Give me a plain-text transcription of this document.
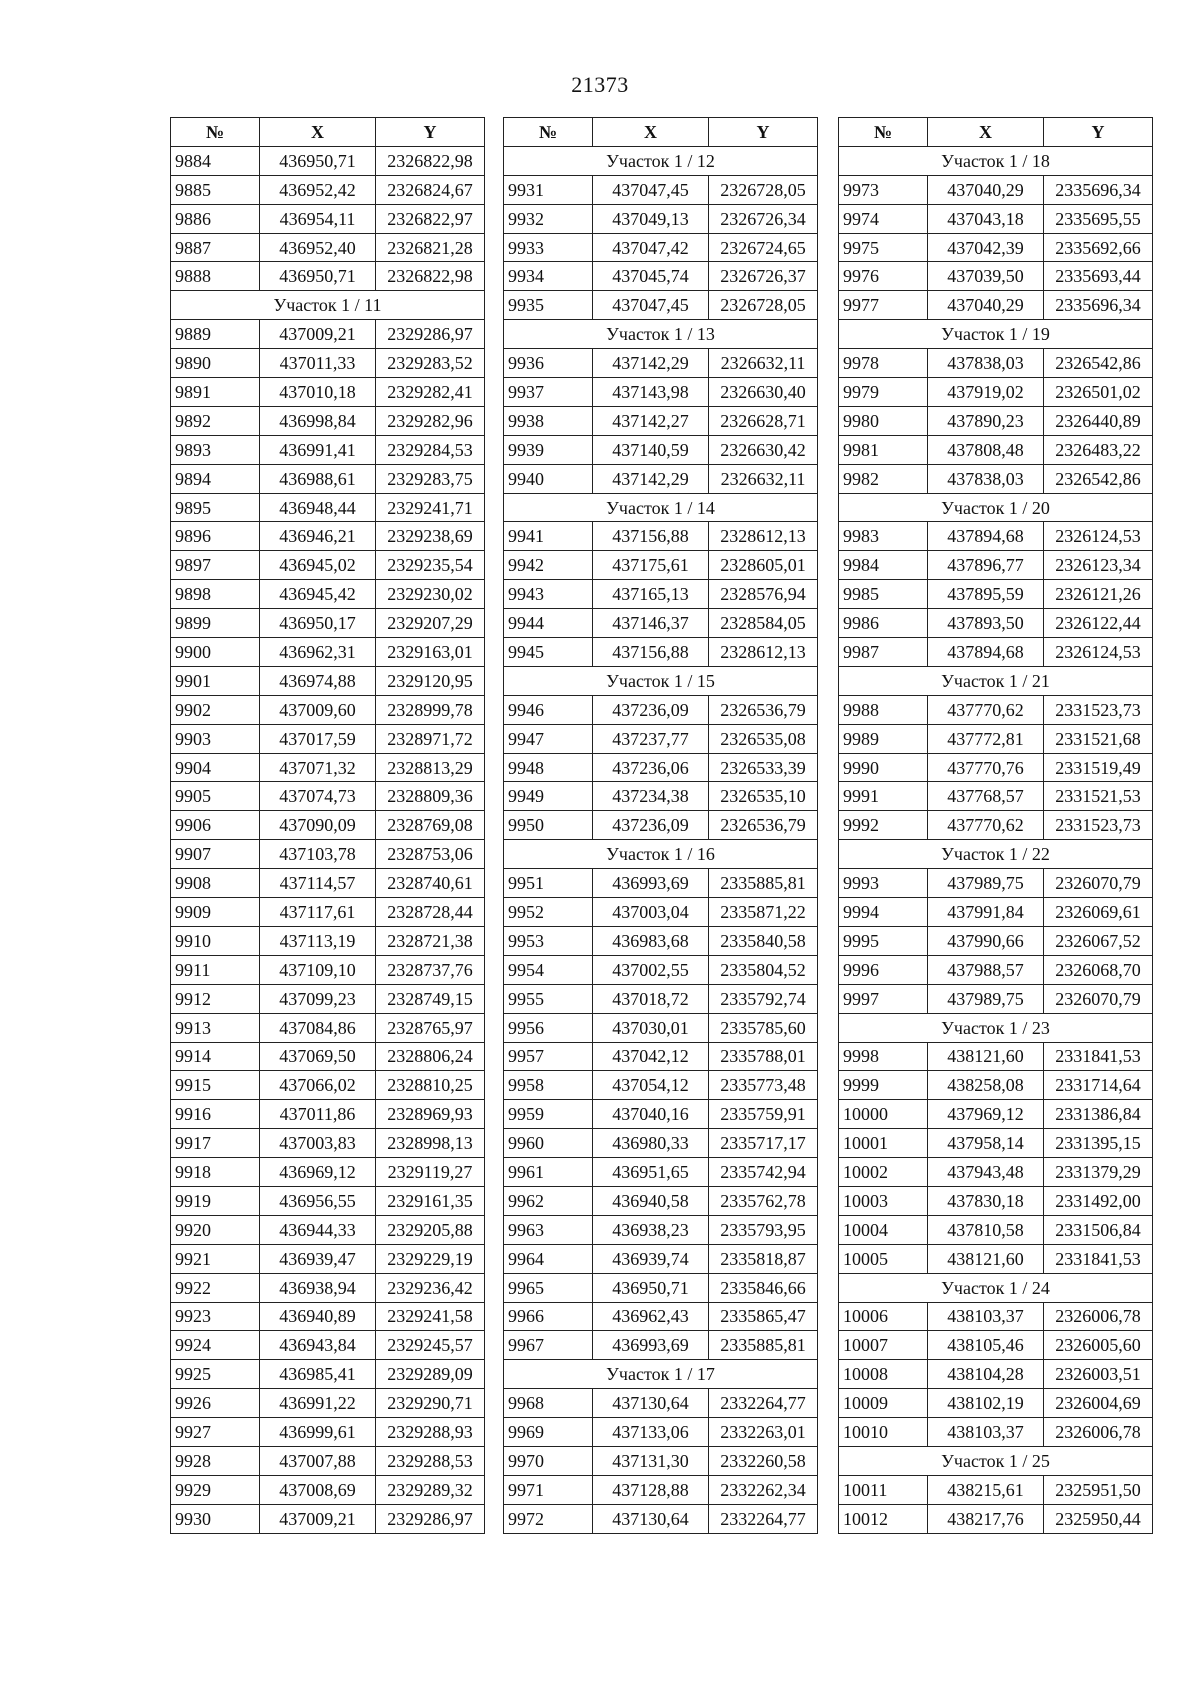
21373
№	X	Y
9884	436950,71	2326822,98
9885	436952,42	2326824,67
9886	436954,11	2326822,97
9887	436952,40	2326821,28
9888	436950,71	2326822,98
Участок 1 / 11		
9889	437009,21	2329286,97
9890	437011,33	2329283,52
9891	437010,18	2329282,41
9892	436998,84	2329282,96
9893	436991,41	2329284,53
9894	436988,61	2329283,75
9895	436948,44	2329241,71
9896	436946,21	2329238,69
9897	436945,02	2329235,54
9898	436945,42	2329230,02
9899	436950,17	2329207,29
9900	436962,31	2329163,01
9901	436974,88	2329120,95
9902	437009,60	2328999,78
9903	437017,59	2328971,72
9904	437071,32	2328813,29
9905	437074,73	2328809,36
9906	437090,09	2328769,08
9907	437103,78	2328753,06
9908	437114,57	2328740,61
9909	437117,61	2328728,44
9910	437113,19	2328721,38
9911	437109,10	2328737,76
9912	437099,23	2328749,15
9913	437084,86	2328765,97
9914	437069,50	2328806,24
9915	437066,02	2328810,25
9916	437011,86	2328969,93
9917	437003,83	2328998,13
9918	436969,12	2329119,27
9919	436956,55	2329161,35
9920	436944,33	2329205,88
9921	436939,47	2329229,19
9922	436938,94	2329236,42
9923	436940,89	2329241,58
9924	436943,84	2329245,57
9925	436985,41	2329289,09
9926	436991,22	2329290,71
9927	436999,61	2329288,93
9928	437007,88	2329288,53
9929	437008,69	2329289,32
9930	437009,21	2329286,97
№	X	Y
Участок 1 / 12		
9931	437047,45	2326728,05
9932	437049,13	2326726,34
9933	437047,42	2326724,65
9934	437045,74	2326726,37
9935	437047,45	2326728,05
Участок 1 / 13		
9936	437142,29	2326632,11
9937	437143,98	2326630,40
9938	437142,27	2326628,71
9939	437140,59	2326630,42
9940	437142,29	2326632,11
Участок 1 / 14		
9941	437156,88	2328612,13
9942	437175,61	2328605,01
9943	437165,13	2328576,94
9944	437146,37	2328584,05
9945	437156,88	2328612,13
Участок 1 / 15		
9946	437236,09	2326536,79
9947	437237,77	2326535,08
9948	437236,06	2326533,39
9949	437234,38	2326535,10
9950	437236,09	2326536,79
Участок 1 / 16		
9951	436993,69	2335885,81
9952	437003,04	2335871,22
9953	436983,68	2335840,58
9954	437002,55	2335804,52
9955	437018,72	2335792,74
9956	437030,01	2335785,60
9957	437042,12	2335788,01
9958	437054,12	2335773,48
9959	437040,16	2335759,91
9960	436980,33	2335717,17
9961	436951,65	2335742,94
9962	436940,58	2335762,78
9963	436938,23	2335793,95
9964	436939,74	2335818,87
9965	436950,71	2335846,66
9966	436962,43	2335865,47
9967	436993,69	2335885,81
Участок 1 / 17		
9968	437130,64	2332264,77
9969	437133,06	2332263,01
9970	437131,30	2332260,58
9971	437128,88	2332262,34
9972	437130,64	2332264,77
№	X	Y
Участок 1 / 18		
9973	437040,29	2335696,34
9974	437043,18	2335695,55
9975	437042,39	2335692,66
9976	437039,50	2335693,44
9977	437040,29	2335696,34
Участок 1 / 19		
9978	437838,03	2326542,86
9979	437919,02	2326501,02
9980	437890,23	2326440,89
9981	437808,48	2326483,22
9982	437838,03	2326542,86
Участок 1 / 20		
9983	437894,68	2326124,53
9984	437896,77	2326123,34
9985	437895,59	2326121,26
9986	437893,50	2326122,44
9987	437894,68	2326124,53
Участок 1 / 21		
9988	437770,62	2331523,73
9989	437772,81	2331521,68
9990	437770,76	2331519,49
9991	437768,57	2331521,53
9992	437770,62	2331523,73
Участок 1 / 22		
9993	437989,75	2326070,79
9994	437991,84	2326069,61
9995	437990,66	2326067,52
9996	437988,57	2326068,70
9997	437989,75	2326070,79
Участок 1 / 23		
9998	438121,60	2331841,53
9999	438258,08	2331714,64
10000	437969,12	2331386,84
10001	437958,14	2331395,15
10002	437943,48	2331379,29
10003	437830,18	2331492,00
10004	437810,58	2331506,84
10005	438121,60	2331841,53
Участок 1 / 24		
10006	438103,37	2326006,78
10007	438105,46	2326005,60
10008	438104,28	2326003,51
10009	438102,19	2326004,69
10010	438103,37	2326006,78
Участок 1 / 25		
10011	438215,61	2325951,50
10012	438217,76	2325950,44
